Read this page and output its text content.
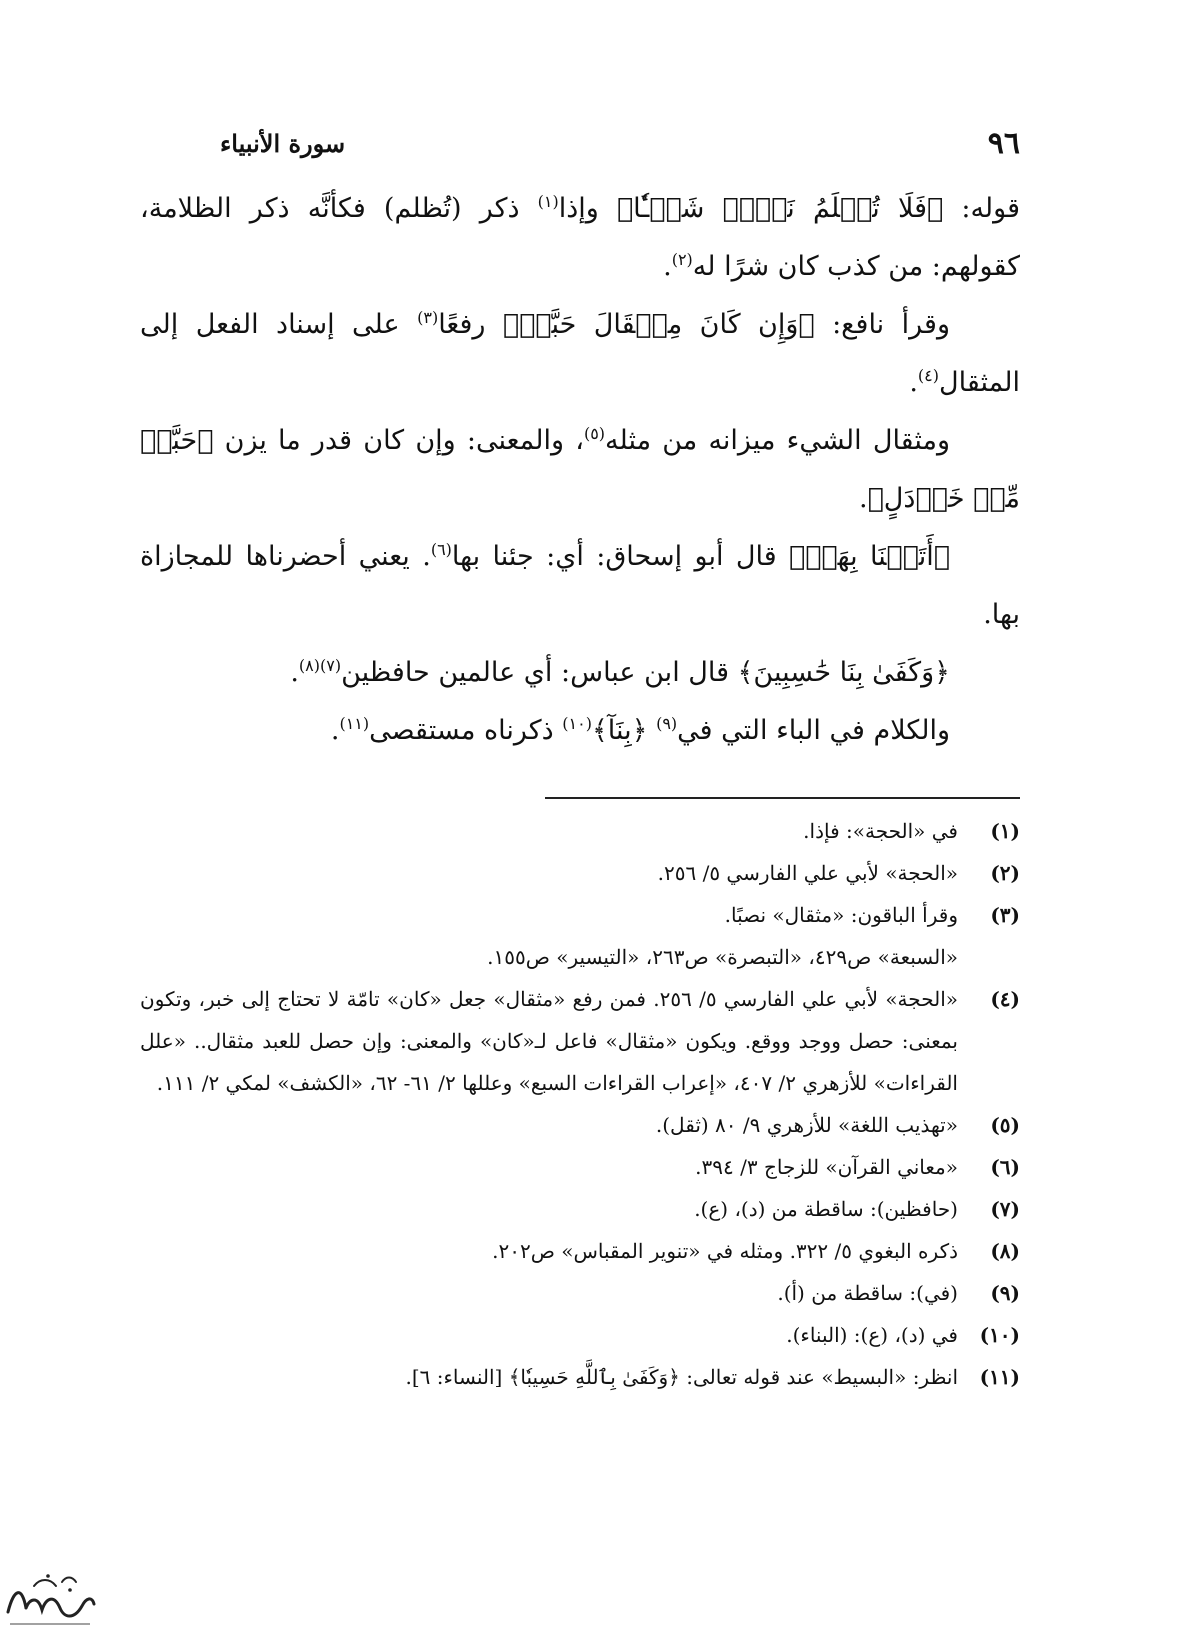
٩٦
سورة الأنبياء

قوله: ﴿فَلَا تُظۡلَمُ نَفۡسٞ شَيۡـٔٗا﴾ وإذا$^{(١)}$ ذكر (تُظلم) فكأنَّه ذكر الظلامة، كقولهم: من كذب كان شرًا له$^{(٢)}$.

وقرأ نافع: ﴿وَإِن كَانَ مِثۡقَالَ حَبَّةٖ﴾ رفعًا$^{(٣)}$ على إسناد الفعل إلى المثقال$^{(٤)}$.

ومثقال الشيء ميزانه من مثله$^{(٥)}$، والمعنى: وإن كان قدر ما يزن ﴿حَبَّةٖ مِّنۡ خَرۡدَلٍ﴾.

﴿أَتَيۡنَا بِهَاۗ﴾ قال أبو إسحاق: أي: جئنا بها$^{(٦)}$. يعني أحضرناها للمجازاة بها.

﴿وَكَفَىٰ بِنَا حَٰسِبِينَ﴾ قال ابن عباس: أي عالمين حافظين$^{(٧)(٨)}$.

والكلام في الباء التي في$^{(٩)}$ ﴿بِنَآ﴾$^{(١٠)}$ ذكرناه مستقصى$^{(١١)}$.

(١)
في «الحجة»: فإذا.
(٢)
«الحجة» لأبي علي الفارسي ٥/ ٢٥٦.
(٣)
وقرأ الباقون: «مثقال» نصبًا.
«السبعة» ص٤٢٩، «التبصرة» ص٢٦٣، «التيسير» ص١٥٥.
(٤)
«الحجة» لأبي علي الفارسي ٥/ ٢٥٦. فمن رفع «مثقال» جعل «كان» تامّة لا تحتاج إلى خبر، وتكون بمعنى: حصل ووجد ووقع. ويكون «مثقال» فاعل لـ«كان» والمعنى: وإن حصل للعبد مثقال.. «علل القراءات» للأزهري ٢/ ٤٠٧، «إعراب القراءات السبع» وعللها ٢/ ٦١- ٦٢، «الكشف» لمكي ٢/ ١١١.
(٥)
«تهذيب اللغة» للأزهري ٩/ ٨٠ (ثقل).
(٦)
«معاني القرآن» للزجاج ٣/ ٣٩٤.
(٧)
(حافظين): ساقطة من (د)، (ع).
(٨)
ذكره البغوي ٥/ ٣٢٢. ومثله في «تنوير المقباس» ص٢٠٢.
(٩)
(في): ساقطة من (أ).
(١٠)
في (د)، (ع): (البناء).
(١١)
انظر: «البسيط» عند قوله تعالى: ﴿وَكَفَىٰ بِٱللَّهِ حَسِيبٗا﴾ [النساء: ٦].
